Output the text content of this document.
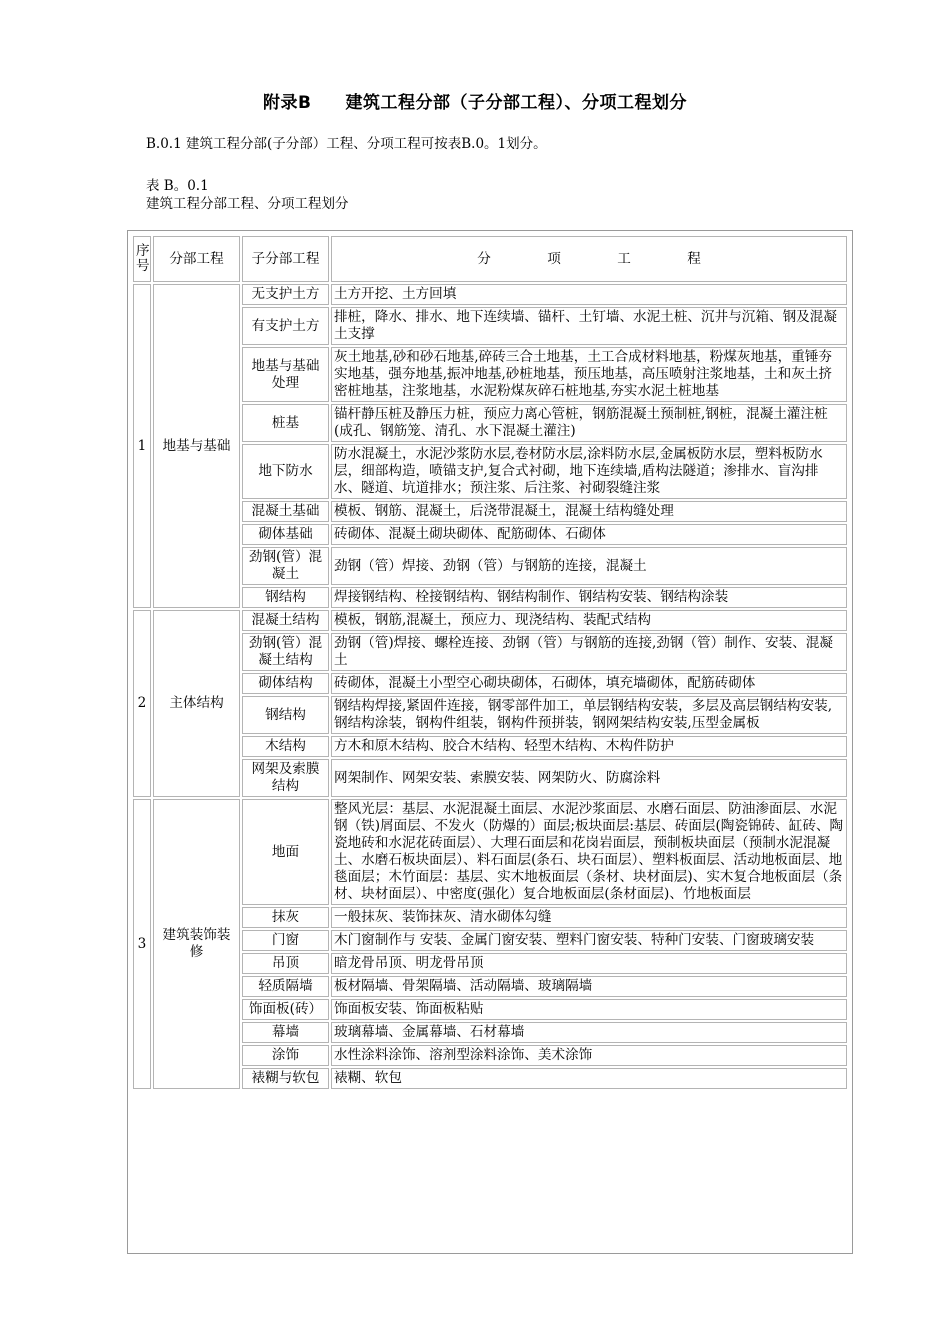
附录B 建筑工程分部（子分部工程）、分项工程划分
B.0.1 建筑工程分部(子分部）工程、分项工程可按表B.0。1划分。
表 B。0.1
建筑工程分部工程、分项工程划分
序号	分部工程	子分部工程	分 项 工 程
1	地基与基础	无支护土方	土方开挖、土方回填
		有支护土方	排桩，降水、排水、地下连续墙、锚杆、土钉墙、水泥土桩、沉井与沉箱、钢及混凝土支撑
		地基与基础处理	灰土地基,砂和砂石地基,碎砖三合土地基，土工合成材料地基，粉煤灰地基，重锤夯实地基，强夯地基,振冲地基,砂桩地基，预压地基，高压喷射注浆地基，土和灰土挤密桩地基，注浆地基，水泥粉煤灰碎石桩地基,夯实水泥土桩地基
		桩基	锚杆静压桩及静压力桩，预应力离心管桩，钢筋混凝土预制桩,钢桩，混凝土灌注桩(成孔、钢筋笼、清孔、水下混凝土灌注)
		地下防水	防水混凝土，水泥沙浆防水层,卷材防水层,涂料防水层,金属板防水层，塑料板防水层，细部构造，喷锚支护,复合式衬砌，地下连续墙,盾构法隧道；渗排水、盲沟排水、隧道、坑道排水；预注浆、后注浆、衬砌裂缝注浆
		混凝土基础	模板、钢筋、混凝土，后浇带混凝土，混凝土结构缝处理
		砌体基础	砖砌体、混凝土砌块砌体、配筋砌体、石砌体
		劲钢(管）混凝土	劲钢（管）焊接、劲钢（管）与钢筋的连接，混凝土
		钢结构	焊接钢结构、栓接钢结构、钢结构制作、钢结构安装、钢结构涂装
2	主体结构	混凝土结构	模板，钢筋,混凝土，预应力、现浇结构、装配式结构
		劲钢(管）混凝土结构	劲钢（管)焊接、螺栓连接、劲钢（管）与钢筋的连接,劲钢（管）制作、安装、混凝土
		砌体结构	砖砌体，混凝土小型空心砌块砌体，石砌体，填充墙砌体，配筋砖砌体
		钢结构	钢结构焊接,紧固件连接，钢零部件加工，单层钢结构安装，多层及高层钢结构安装,钢结构涂装，钢构件组装，钢构件预拼装，钢网架结构安装,压型金属板
		木结构	方木和原木结构、胶合木结构、轻型木结构、木构件防护
		网架及索膜结构	网架制作、网架安装、索膜安装、网架防火、防腐涂料
3	建筑装饰装修	地面	整风光层：基层、水泥混凝土面层、水泥沙浆面层、水磨石面层、防油渗面层、水泥钢（铁)屑面层、不发火（防爆的）面层;板块面层:基层、砖面层(陶瓷锦砖、缸砖、陶瓷地砖和水泥花砖面层）、大理石面层和花岗岩面层，预制板块面层（预制水泥混凝土、水磨石板块面层）、料石面层(条石、块石面层）、塑料板面层、活动地板面层、地毯面层；木竹面层：基层、实木地板面层（条材、块材面层)、实木复合地板面层（条材、块材面层）、中密度(强化）复合地板面层(条材面层)、竹地板面层
		抹灰	一般抹灰、装饰抹灰、清水砌体勾缝
		门窗	木门窗制作与 安装、金属门窗安装、塑料门窗安装、特种门安装、门窗玻璃安装
		吊顶	暗龙骨吊顶、明龙骨吊顶
		轻质隔墙	板材隔墙、骨架隔墙、活动隔墙、玻璃隔墙
		饰面板(砖）	饰面板安装、饰面板粘贴
		幕墙	玻璃幕墙、金属幕墙、石材幕墙
		涂饰	水性涂料涂饰、溶剂型涂料涂饰、美术涂饰
		裱糊与软包	裱糊、软包
